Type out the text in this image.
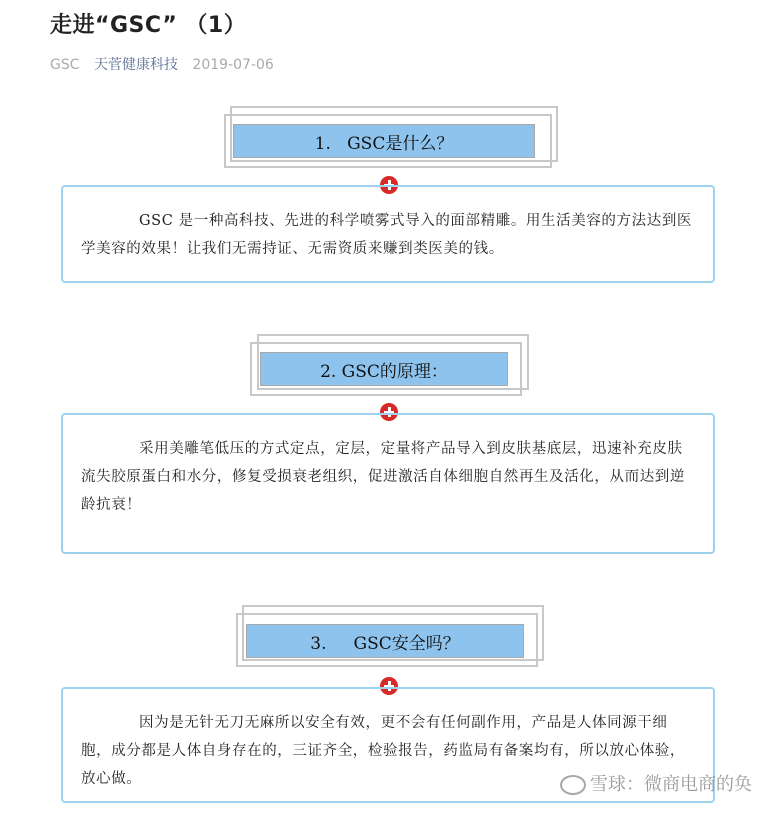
走进“GSC” （1）
GSC 天菅健康科技 2019-07-06
1.   GSC是什么？

GSC 是一种高科技、先进的科学喷雾式导入的面部精雕。用生活美容的方法达到医学美容的效果！让我们无需持证、无需资质来赚到类医美的钱。

2. GSC的原理：

采用美雕笔低压的方式定点，定层，定量将产品导入到皮肤基底层，迅速补充皮肤流失胶原蛋白和水分，修复受损衰老组织，促进激活自体细胞自然再生及活化，从而达到逆龄抗衰！

3.     GSC安全吗？

因为是无针无刀无麻所以安全有效，更不会有任何副作用，产品是人体同源干细胞，成分都是人体自身存在的，三证齐全，检验报告，药监局有备案均有，所以放心体验，放心做。	雪球：微商电商的奂
